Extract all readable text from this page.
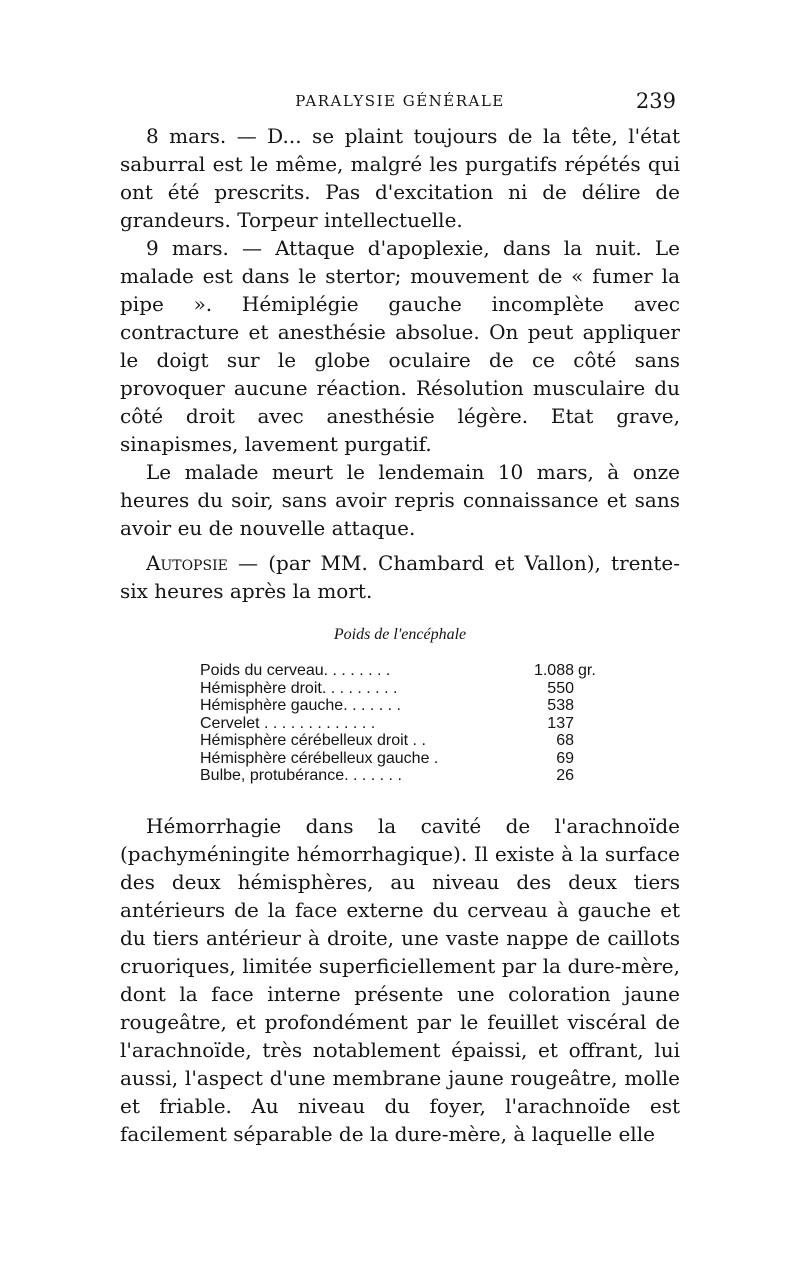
PARALYSIE GÉNÉRALE	239

8 mars. — D... se plaint toujours de la tête, l'état saburral est le même, malgré les purgatifs répétés qui ont été prescrits. Pas d'excitation ni de délire de grandeurs. Torpeur intellectuelle.

9 mars. — Attaque d'apoplexie, dans la nuit. Le malade est dans le stertor; mouvement de « fumer la pipe ». Hémiplégie gauche incomplète avec contracture et anesthésie absolue. On peut appliquer le doigt sur le globe oculaire de ce côté sans provoquer aucune réaction. Résolution musculaire du côté droit avec anesthésie légère. Etat grave, sinapismes, lavement purgatif.

Le malade meurt le lendemain 10 mars, à onze heures du soir, sans avoir repris connaissance et sans avoir eu de nouvelle attaque.

Autopsie — (par MM. Chambard et Vallon), trente-six heures après la mort.

Poids de l'encéphale
Poids du cerveau. . . . . . . .	1.088 gr.
Hémisphère droit. . . . . . . . .	550
Hémisphère gauche. . . . . . .	538
Cervelet . . . . . . . . . . . . .	137
Hémisphère cérébelleux droit . .	68
Hémisphère cérébelleux gauche .	69
Bulbe, protubérance. . . . . . .	26

Hémorrhagie dans la cavité de l'arachnoïde (pachyméningite hémorrhagique). Il existe à la surface des deux hémisphères, au niveau des deux tiers antérieurs de la face externe du cerveau à gauche et du tiers antérieur à droite, une vaste nappe de caillots cruoriques, limitée superficiellement par la dure-mère, dont la face interne présente une coloration jaune rougeâtre, et profondément par le feuillet viscéral de l'arachnoïde, très notablement épaissi, et offrant, lui aussi, l'aspect d'une membrane jaune rougeâtre, molle et friable. Au niveau du foyer, l'arachnoïde est facilement séparable de la dure-mère, à laquelle elle
